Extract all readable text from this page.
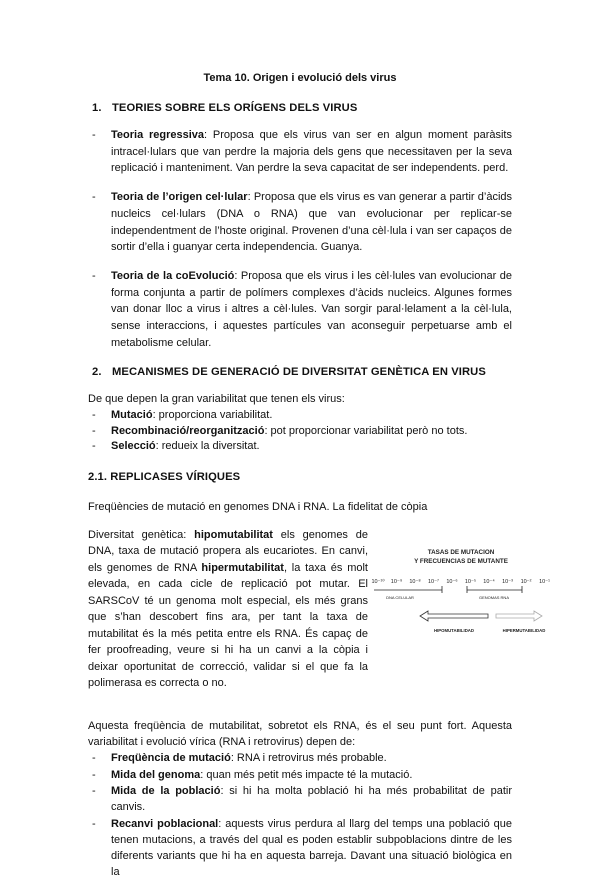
Tema 10. Origen i evolució dels virus
1. TEORIES SOBRE ELS ORÍGENS DELS VIRUS
- Teoria regressiva: Proposa que els virus van ser en algun moment paràsits intracel·lulars que van perdre la majoria dels gens que necessitaven per la seva replicació i manteniment. Van perdre la seva capacitat de ser independents. perd.
- Teoria de l’origen cel·lular: Proposa que els virus es van generar a partir d’àcids nucleics cel·lulars (DNA o RNA) que van evolucionar per replicar-se independentment de l’hoste original. Provenen d’una cèl·lula i van ser capaços de sortir d’ella i guanyar certa independencia. Guanya.
- Teoria de la coEvolució: Proposa que els virus i les cèl·lules van evolucionar de forma conjunta a partir de polímers complexes d’àcids nucleics. Algunes formes van donar lloc a virus i altres a cèl·lules. Van sorgir paral·lelament a la cèl·lula, sense interaccions, i aquestes partícules van aconseguir perpetuarse amb el metabolisme celular.
2. MECANISMES DE GENERACIÓ DE DIVERSITAT GENÈTICA EN VIRUS
De que depen la gran variabilitat que tenen els virus:
- Mutació: proporciona variabilitat.
- Recombinació/reorganització: pot proporcionar variabilitat però no tots.
- Selecció: redueix la diversitat.
2.1. REPLICASES VÍRIQUES
Freqüències de mutació en genomes DNA i RNA. La fidelitat de còpia
Diversitat genètica: hipomutabilitat els genomes de DNA, taxa de mutació propera als eucariotes. En canvi, els genomes de RNA hipermutabilitat, la taxa és molt elevada, en cada cicle de replicació pot mutar. El SARSCoV té un genoma molt especial, els més grans que s’han descobert fins ara, per tant la taxa de mutabilitat és la més petita entre els RNA. És capaç de fer proofreading, veure si hi ha un canvi a la còpia i deixar oportunitat de correcció, validar si el que fa la polimerasa es correcta o no.
TASAS DE MUTACION
Y FRECUENCIAS DE MUTANTE
10⁻¹⁰ 10⁻⁹ 10⁻⁸ 10⁻⁷ 10⁻⁶ 10⁻⁵ 10⁻⁴ 10⁻³ 10⁻² 10⁻¹
DNA CELULAR	GENOMAS RNA
HIPOMUTABILIDAD	HIPERMUTABILIDAD
Aquesta freqüència de mutabilitat, sobretot els RNA, és el seu punt fort. Aquesta variabilitat i evolució vírica (RNA i retrovirus) depen de:
- Freqüència de mutació: RNA i retrovirus més probable.
- Mida del genoma: quan més petit més impacte té la mutació.
- Mida de la població: si hi ha molta població hi ha més probabilitat de patir canvis.
- Recanvi poblacional: aquests virus perdura al llarg del temps una població que tenen mutacions, a través del qual es poden establir subpoblacions dintre de les diferents variants que hi ha en aquesta barreja. Davant una situació biològica en la
